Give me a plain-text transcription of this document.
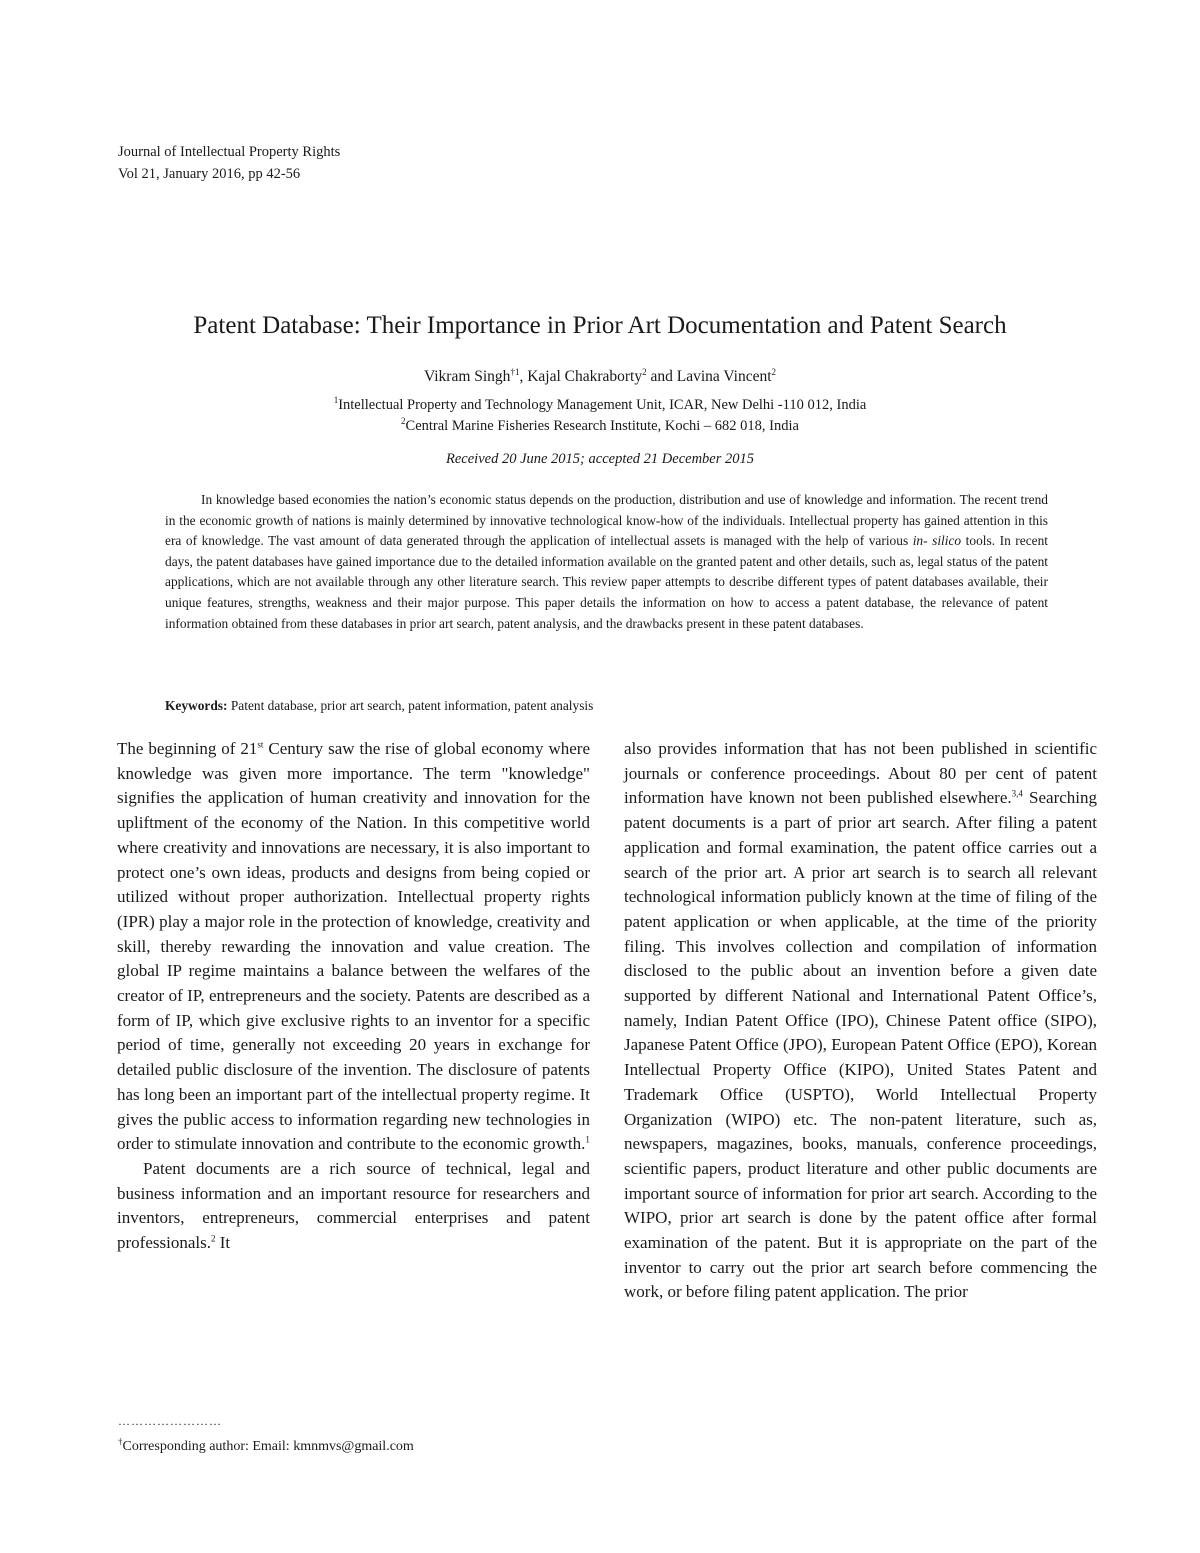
Journal of Intellectual Property Rights
Vol 21, January 2016, pp 42-56
Patent Database: Their Importance in Prior Art Documentation and Patent Search
Vikram Singh$^{\dagger 1}$, Kajal Chakraborty$^2$ and Lavina Vincent$^2$
$^1$Intellectual Property and Technology Management Unit, ICAR, New Delhi -110 012, India
$^2$Central Marine Fisheries Research Institute, Kochi – 682 018, India
Received 20 June 2015; accepted 21 December 2015

In knowledge based economies the nation’s economic status depends on the production, distribution and use of knowledge and information. The recent trend in the economic growth of nations is mainly determined by innovative technological know-how of the individuals. Intellectual property has gained attention in this era of knowledge. The vast amount of data generated through the application of intellectual assets is managed with the help of various in- silico tools. In recent days, the patent databases have gained importance due to the detailed information available on the granted patent and other details, such as, legal status of the patent applications, which are not available through any other literature search. This review paper attempts to describe different types of patent databases available, their unique features, strengths, weakness and their major purpose. This paper details the information on how to access a patent database, the relevance of patent information obtained from these databases in prior art search, patent analysis, and the drawbacks present in these patent databases.

Keywords: Patent database, prior art search, patent information, patent analysis

The beginning of 21st Century saw the rise of global economy where knowledge was given more importance. The term "knowledge" signifies the application of human creativity and innovation for the upliftment of the economy of the Nation. In this competitive world where creativity and innovations are necessary, it is also important to protect one’s own ideas, products and designs from being copied or utilized without proper authorization. Intellectual property rights (IPR) play a major role in the protection of knowledge, creativity and skill, thereby rewarding the innovation and value creation. The global IP regime maintains a balance between the welfares of the creator of IP, entrepreneurs and the society. Patents are described as a form of IP, which give exclusive rights to an inventor for a specific period of time, generally not exceeding 20 years in exchange for detailed public disclosure of the invention. The disclosure of patents has long been an important part of the intellectual property regime. It gives the public access to information regarding new technologies in order to stimulate innovation and contribute to the economic growth.$^1$

Patent documents are a rich source of technical, legal and business information and an important resource for researchers and inventors, entrepreneurs, commercial enterprises and patent professionals.$^2$ It

also provides information that has not been published in scientific journals or conference proceedings. About 80 per cent of patent information have known not been published elsewhere.$^{3,4}$ Searching patent documents is a part of prior art search. After filing a patent application and formal examination, the patent office carries out a search of the prior art. A prior art search is to search all relevant technological information publicly known at the time of filing of the patent application or when applicable, at the time of the priority filing. This involves collection and compilation of information disclosed to the public about an invention before a given date supported by different National and International Patent Office’s, namely, Indian Patent Office (IPO), Chinese Patent office (SIPO), Japanese Patent Office (JPO), European Patent Office (EPO), Korean Intellectual Property Office (KIPO), United States Patent and Trademark Office (USPTO), World Intellectual Property Organization (WIPO) etc. The non-patent literature, such as, newspapers, magazines, books, manuals, conference proceedings, scientific papers, product literature and other public documents are important source of information for prior art search. According to the WIPO, prior art search is done by the patent office after formal examination of the patent. But it is appropriate on the part of the inventor to carry out the prior art search before commencing the work, or before filing patent application. The prior

……………………
†Corresponding author: Email: kmnmvs@gmail.com
